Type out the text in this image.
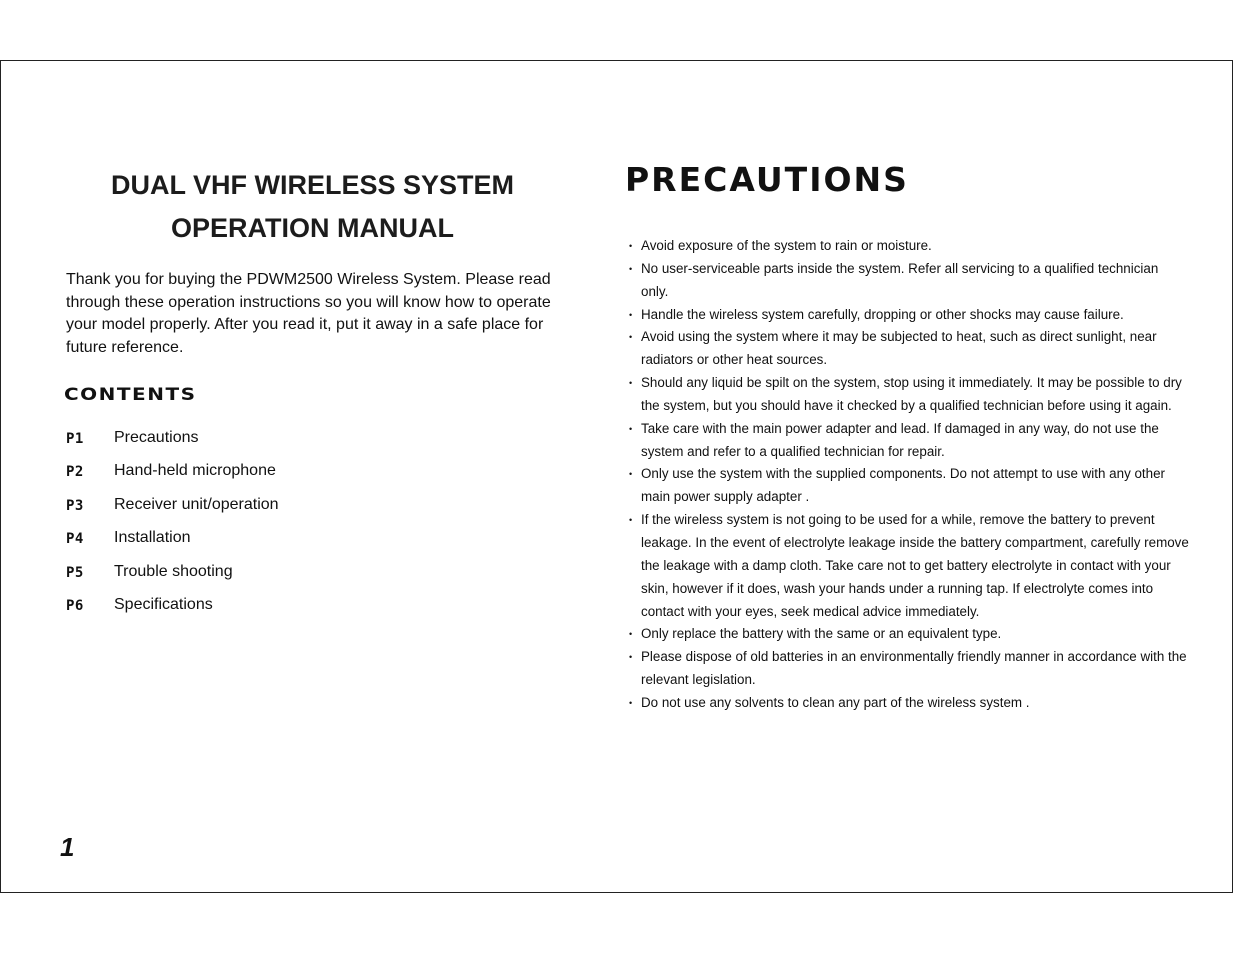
DUAL VHF WIRELESS SYSTEM
OPERATION MANUAL

Thank you for buying the PDWM2500 Wireless System. Please read through these operation instructions so you will know how to operate your model properly. After you read it, put it away in a safe place for future reference.

CONTENTS
P1	Precautions
P2	Hand-held microphone
P3	Receiver unit/operation
P4	Installation
P5	Trouble shooting
P6	Specifications
PRECAUTIONS
• Avoid exposure of the system to rain or moisture.
• No user-serviceable parts inside the system. Refer all servicing to a qualified technician only.
• Handle the wireless system carefully, dropping or other shocks may cause failure.
• Avoid using the system where it may be subjected to heat, such as direct sunlight, near radiators or other heat sources.
• Should any liquid be spilt on the system, stop using it immediately. It may be possible to dry the system, but you should have it checked by a qualified technician before using it again.
• Take care with the main power adapter and lead. If damaged in any way, do not use the system and refer to a qualified technician for repair.
• Only use the system with the supplied components. Do not attempt to use with any other main power supply adapter .
• If the wireless system is not going to be used for a while, remove the battery to prevent leakage. In the event of electrolyte leakage inside the battery compartment, carefully remove the leakage with a damp cloth. Take care not to get battery electrolyte in contact with your skin, however if it does, wash your hands under a running tap. If electrolyte comes into contact with your eyes, seek medical advice immediately.
• Only replace the battery with the same or an equivalent type.
• Please dispose of old batteries in an environmentally friendly manner in accordance with the relevant legislation.
• Do not use any solvents to clean any part of the wireless system .

1
